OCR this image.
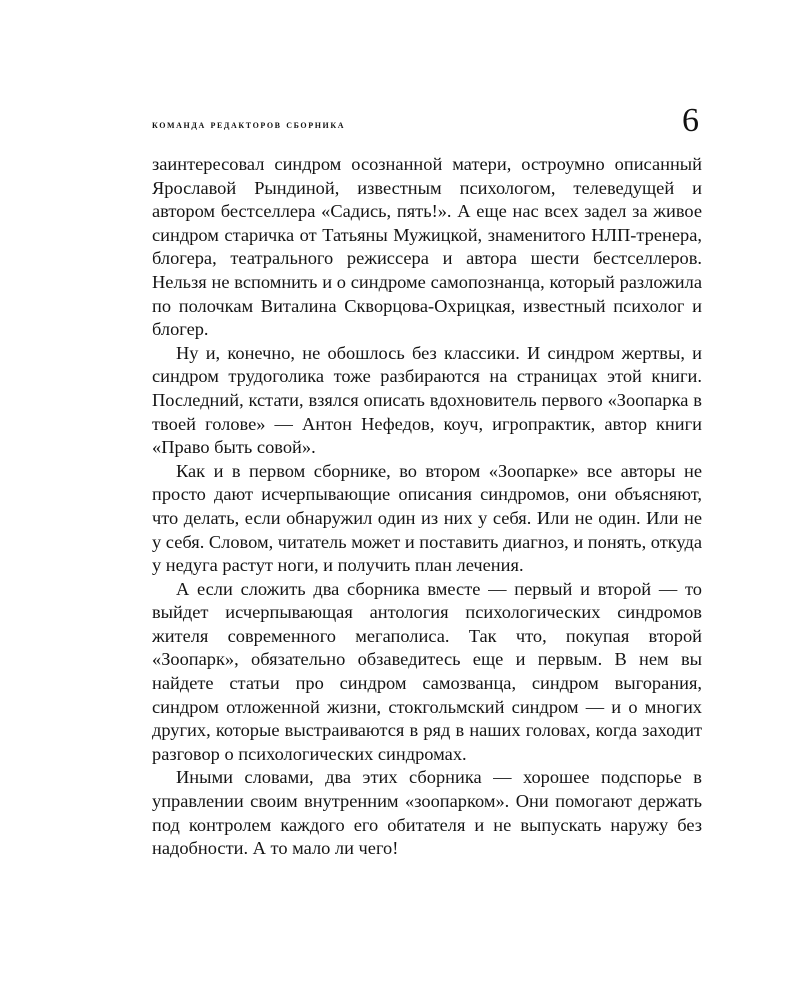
команда редакторов сборника	6

заинтересовал синдром осознанной матери, остроумно описанный Ярославой Рындиной, известным психологом, телеведущей и автором бестселлера «Садись, пять!». А еще нас всех задел за живое синдром старичка от Татьяны Мужицкой, знаменитого НЛП-тренера, блогера, театрального режиссера и автора шести бестселлеров. Нельзя не вспомнить и о синдроме самопознанца, который разложила по полочкам Виталина Скворцова-Охрицкая, известный психолог и блогер.

Ну и, конечно, не обошлось без классики. И синдром жертвы, и синдром трудоголика тоже разбираются на страницах этой книги. Последний, кстати, взялся описать вдохновитель первого «Зоопарка в твоей голове» — Антон Нефедов, коуч, игропрактик, автор книги «Право быть совой».

Как и в первом сборнике, во втором «Зоопарке» все авторы не просто дают исчерпывающие описания синдромов, они объясняют, что делать, если обнаружил один из них у себя. Или не один. Или не у себя. Словом, читатель может и поставить диагноз, и понять, откуда у недуга растут ноги, и получить план лечения.

А если сложить два сборника вместе — первый и второй — то выйдет исчерпывающая антология психологических синдромов жителя современного мегаполиса. Так что, покупая второй «Зоопарк», обязательно обзаведитесь еще и первым. В нем вы найдете статьи про синдром самозванца, синдром выгорания, синдром отложенной жизни, стокгольмский синдром — и о многих других, которые выстраиваются в ряд в наших головах, когда заходит разговор о психологических синдромах.

Иными словами, два этих сборника — хорошее подспорье в управлении своим внутренним «зоопарком». Они помогают держать под контролем каждого его обитателя и не выпускать наружу без надобности. А то мало ли чего!
